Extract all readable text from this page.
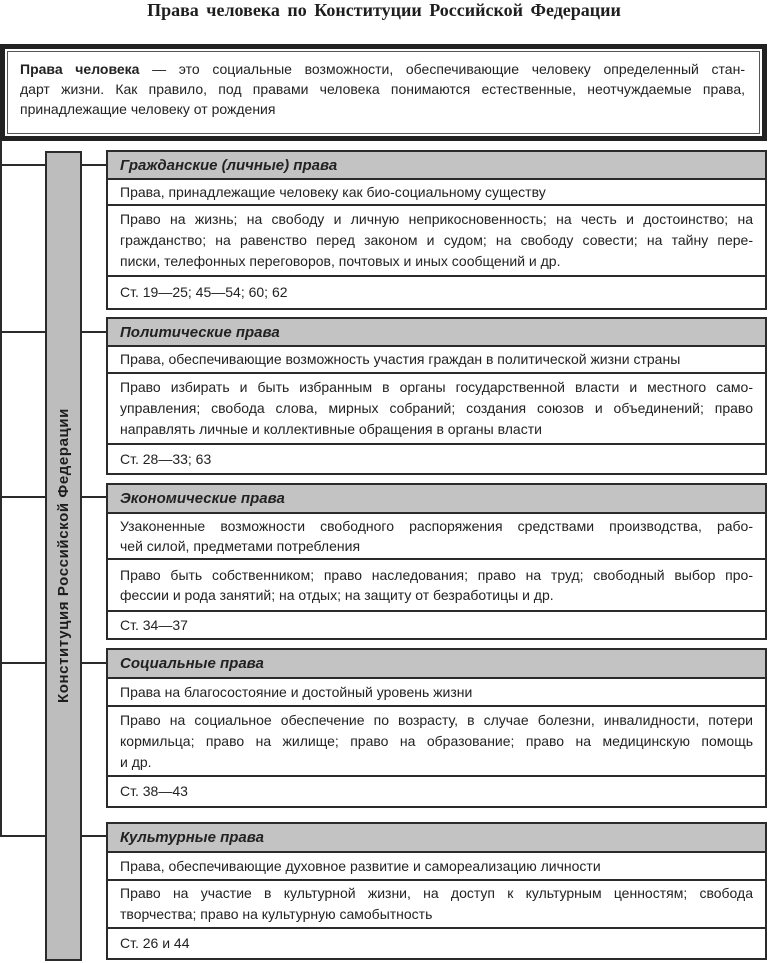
Права человека по Конституции Российской Федерации
Права человека — это социальные возможности, обеспечивающие человеку определенный стан-
дарт жизни. Как правило, под правами человека понимаются естественные, неотчуждаемые права,
принадлежащие человеку от рождения
Конституция Российской Федерации
Гражданские (личные) права
Права, принадлежащие человеку как био-социальному существу
Право на жизнь; на свободу и личную неприкосновенность; на честь и достоинство; на
гражданство; на равенство перед законом и судом; на свободу совести; на тайну пере-
писки, телефонных переговоров, почтовых и иных сообщений и др.
Ст. 19—25; 45—54; 60; 62
Политические права
Права, обеспечивающие возможность участия граждан в политической жизни страны
Право избирать и быть избранным в органы государственной власти и местного само-
управления; свобода слова, мирных собраний; создания союзов и объединений; право
направлять личные и коллективные обращения в органы власти
Ст. 28—33; 63
Экономические права
Узаконенные возможности свободного распоряжения средствами производства, рабо-
чей силой, предметами потребления
Право быть собственником; право наследования; право на труд; свободный выбор про-
фессии и рода занятий; на отдых; на защиту от безработицы и др.
Ст. 34—37
Социальные права
Права на благосостояние и достойный уровень жизни
Право на социальное обеспечение по возрасту, в случае болезни, инвалидности, потери
кормильца; право на жилище; право на образование; право на медицинскую помощь
и др.
Ст. 38—43
Культурные права
Права, обеспечивающие духовное развитие и самореализацию личности
Право на участие в культурной жизни, на доступ к культурным ценностям; свобода
творчества; право на культурную самобытность
Ст. 26 и 44
